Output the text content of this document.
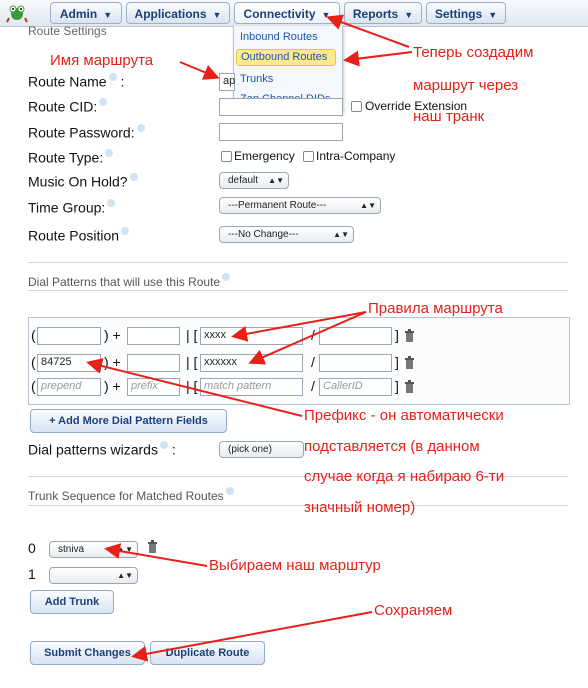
Admin ▼	Applications ▼	Connectivity ▼	Reports ▼	Settings ▼
Route Settings	Inbound Routes
Outbound Routes
Trunks
Route Name :	ap
Route CID:	Override Extension
Route Password:
Route Type:	Emergency Intra-Company
Music On Hold?	default ▲▼
Time Group:	---Permanent Route---	▲▼
Route Position	---No Change---	▲▼
Dial Patterns that will use this Route
(	) +	| [ xxxx	/	]
( 84725	) +	| [ xxxxxx	/	]
( prepend	) + prefix	| [ match pattern	/ CallerID	]
+ Add More Dial Pattern Fields
Dial patterns wizards :	(pick one)
Trunk Sequence for Matched Routes
0	stniva	▲▼
1	▲▼
Add Trunk
Submit Changes	Duplicate Route
Имя маршрута	Теперь создадим
маршрут через
наш транк
Правила маршрута
Префикс - он автоматически
подставляется (в данном
случае когда я набираю 6-ти
значный номер)
Выбираем наш марштур
Сохраняем
